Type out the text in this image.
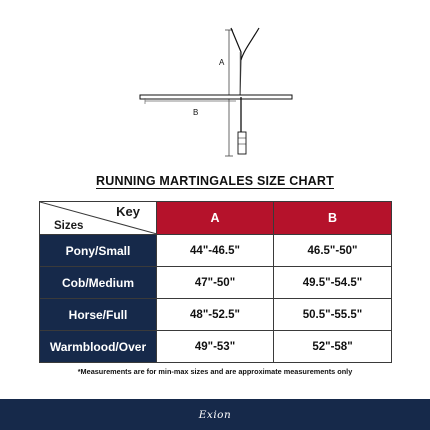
A
B
RUNNING MARTINGALES SIZE CHART
Key
Sizes	A	B
Pony/Small	44"-46.5"	46.5"-50"
Cob/Medium	47"-50"	49.5"-54.5"
Horse/Full	48"-52.5"	50.5"-55.5"
Warmblood/Over	49"-53"	52"-58"
*Measurements are for min-max sizes and are approximate measurements only
Exion
